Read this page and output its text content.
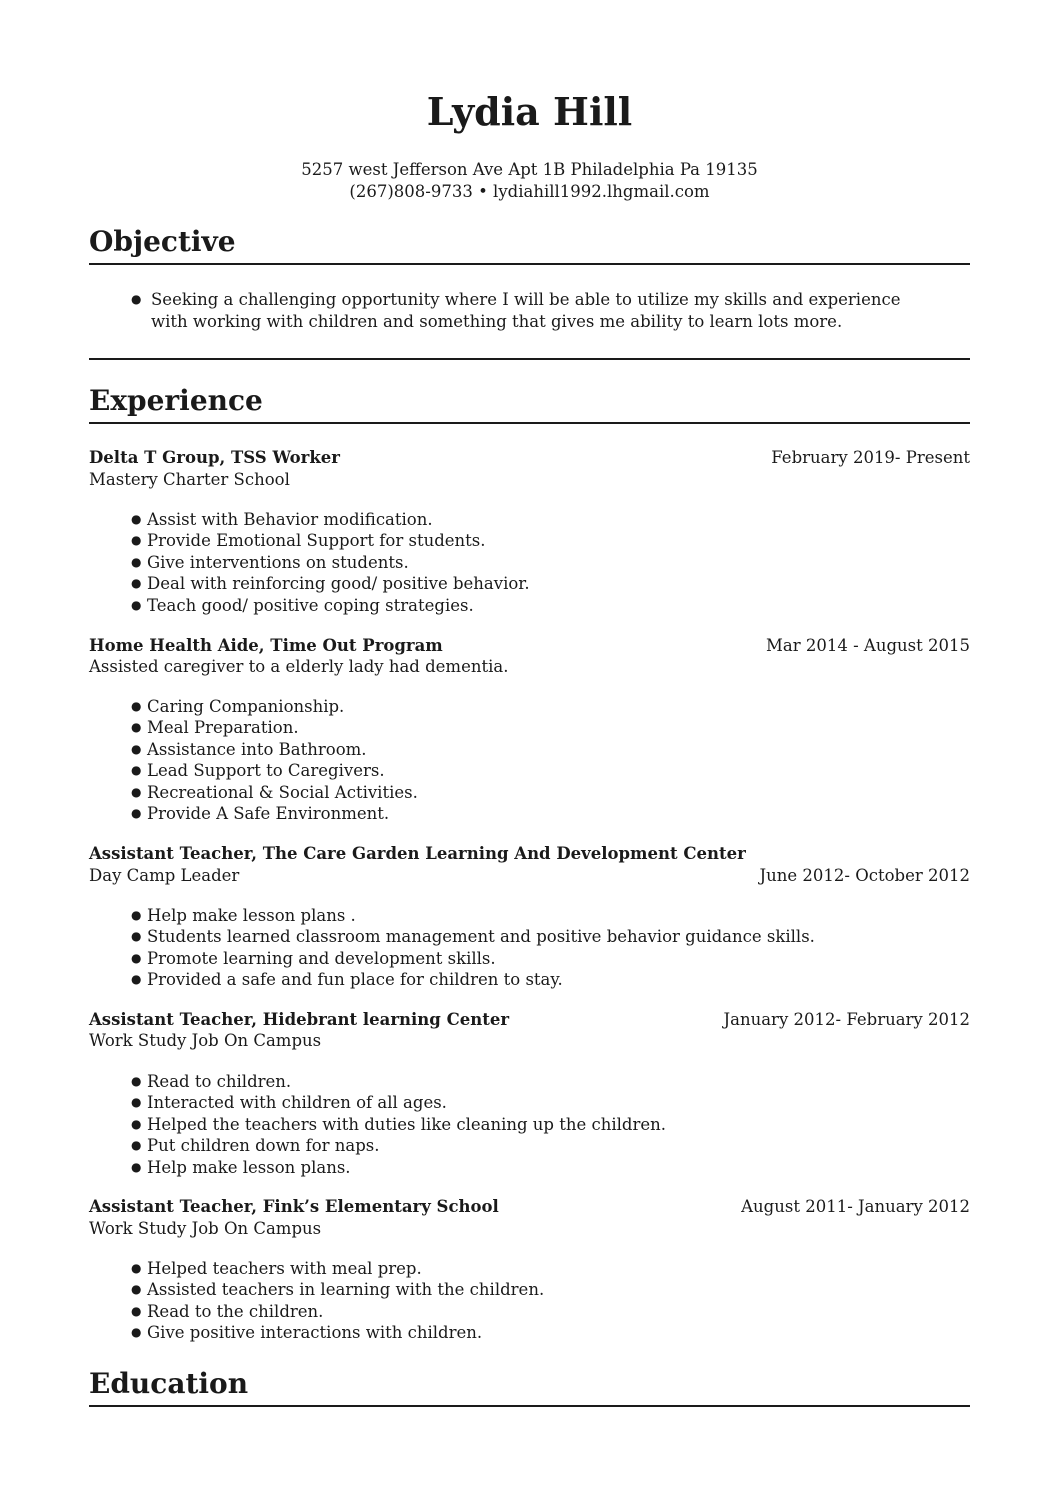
Lydia Hill
5257 west Jefferson Ave Apt 1B Philadelphia Pa 19135
(267)808-9733 • lydiahill1992.lhgmail.com
Objective
● Seeking a challenging opportunity where I will be able to utilize my skills and experience with working with children and something that gives me ability to learn lots more.
Experience
Delta T Group, TSS Worker	February 2019- Present
Mastery Charter School
● Assist with Behavior modification.
● Provide Emotional Support for students.
● Give interventions on students.
● Deal with reinforcing good/ positive behavior.
● Teach good/ positive coping strategies.
Home Health Aide, Time Out Program	Mar 2014 - August 2015
Assisted caregiver to a elderly lady had dementia.
● Caring Companionship.
● Meal Preparation.
● Assistance into Bathroom.
● Lead Support to Caregivers.
● Recreational & Social Activities.
● Provide A Safe Environment.
Assistant Teacher, The Care Garden Learning And Development Center
Day Camp Leader	June 2012- October 2012
● Help make lesson plans .
● Students learned classroom management and positive behavior guidance skills.
● Promote learning and development skills.
● Provided a safe and fun place for children to stay.
Assistant Teacher, Hidebrant learning Center	January 2012- February 2012
Work Study Job On Campus
● Read to children.
● Interacted with children of all ages.
● Helped the teachers with duties like cleaning up the children.
● Put children down for naps.
● Help make lesson plans.
Assistant Teacher, Fink’s Elementary School	August 2011- January 2012
Work Study Job On Campus
● Helped teachers with meal prep.
● Assisted teachers in learning with the children.
● Read to the children.
● Give positive interactions with children.
Education
